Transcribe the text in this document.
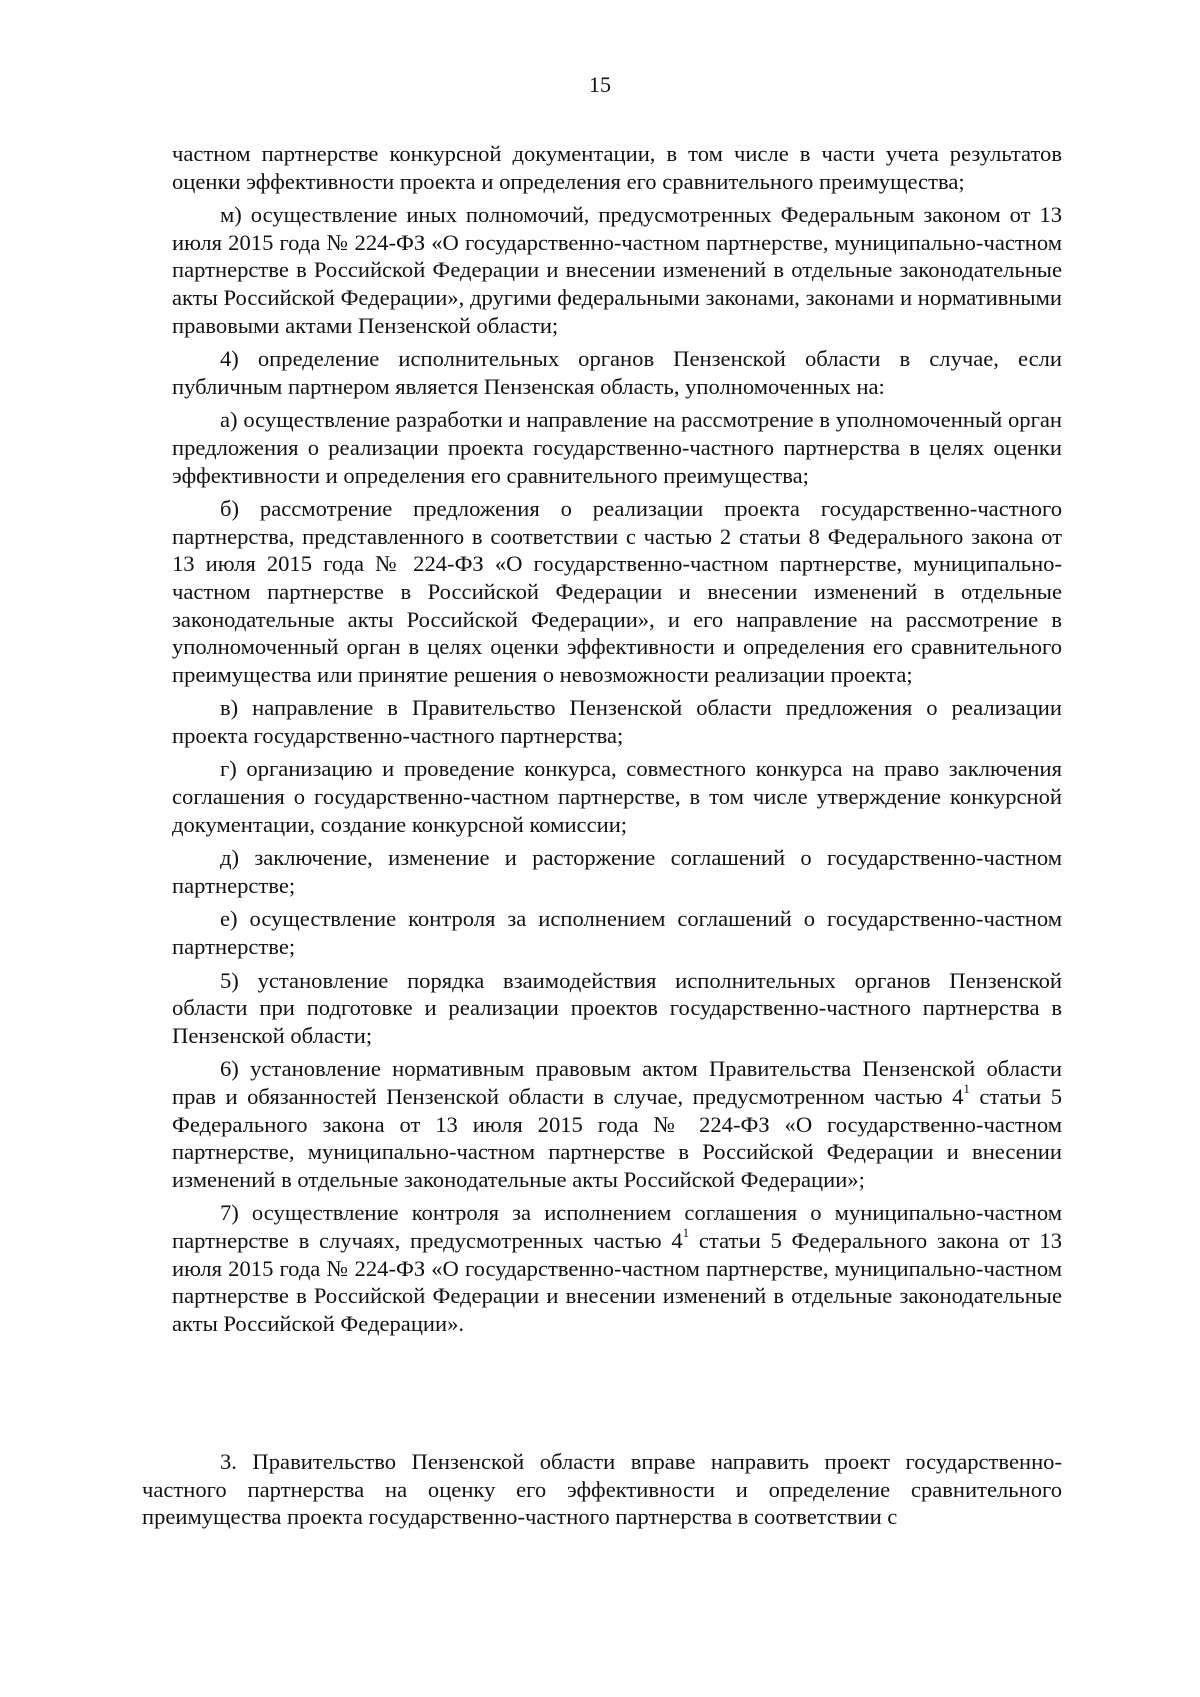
15

частном партнерстве конкурсной документации, в том числе в части учета результатов оценки эффективности проекта и определения его сравнительного преимущества;

м) осуществление иных полномочий, предусмотренных Федеральным законом от 13 июля 2015 года № 224-ФЗ «О государственно-частном партнерстве, муниципально-частном партнерстве в Российской Федерации и внесении изменений в отдельные законодательные акты Российской Федерации», другими федеральными законами, законами и нормативными правовыми актами Пензенской области;

4) определение исполнительных органов Пензенской области в случае, если публичным партнером является Пензенская область, уполномоченных на:

а) осуществление разработки и направление на рассмотрение в уполномоченный орган предложения о реализации проекта государственно-частного партнерства в целях оценки эффективности и определения его сравнительного преимущества;

б) рассмотрение предложения о реализации проекта государственно-частного партнерства, представленного в соответствии с частью 2 статьи 8 Федерального закона от 13 июля 2015 года № 224-ФЗ «О государственно-частном партнерстве, муниципально-частном партнерстве в Российской Федерации и внесении изменений в отдельные законодательные акты Российской Федерации», и его направление на рассмотрение в уполномоченный орган в целях оценки эффективности и определения его сравнительного преимущества или принятие решения о невозможности реализации проекта;

в) направление в Правительство Пензенской области предложения о реализации проекта государственно-частного партнерства;

г) организацию и проведение конкурса, совместного конкурса на право заключения соглашения о государственно-частном партнерстве, в том числе утверждение конкурсной документации, создание конкурсной комиссии;

д) заключение, изменение и расторжение соглашений о государственно-частном партнерстве;

е) осуществление контроля за исполнением соглашений о государственно-частном партнерстве;

5) установление порядка взаимодействия исполнительных органов Пензенской области при подготовке и реализации проектов государственно-частного партнерства в Пензенской области;

6) установление нормативным правовым актом Правительства Пензенской области прав и обязанностей Пензенской области в случае, предусмотренном частью $4^1$ статьи 5 Федерального закона от 13 июля 2015 года № 224-ФЗ «О государственно-частном партнерстве, муниципально-частном партнерстве в Российской Федерации и внесении изменений в отдельные законодательные акты Российской Федерации»;

7) осуществление контроля за исполнением соглашения о муниципально-частном партнерстве в случаях, предусмотренных частью $4^1$ статьи 5 Федерального закона от 13 июля 2015 года № 224-ФЗ «О государственно-частном партнерстве, муниципально-частном партнерстве в Российской Федерации и внесении изменений в отдельные законодательные акты Российской Федерации».

3. Правительство Пензенской области вправе направить проект государственно-частного партнерства на оценку его эффективности и определение сравнительного преимущества проекта государственно-частного партнерства в соответствии с
